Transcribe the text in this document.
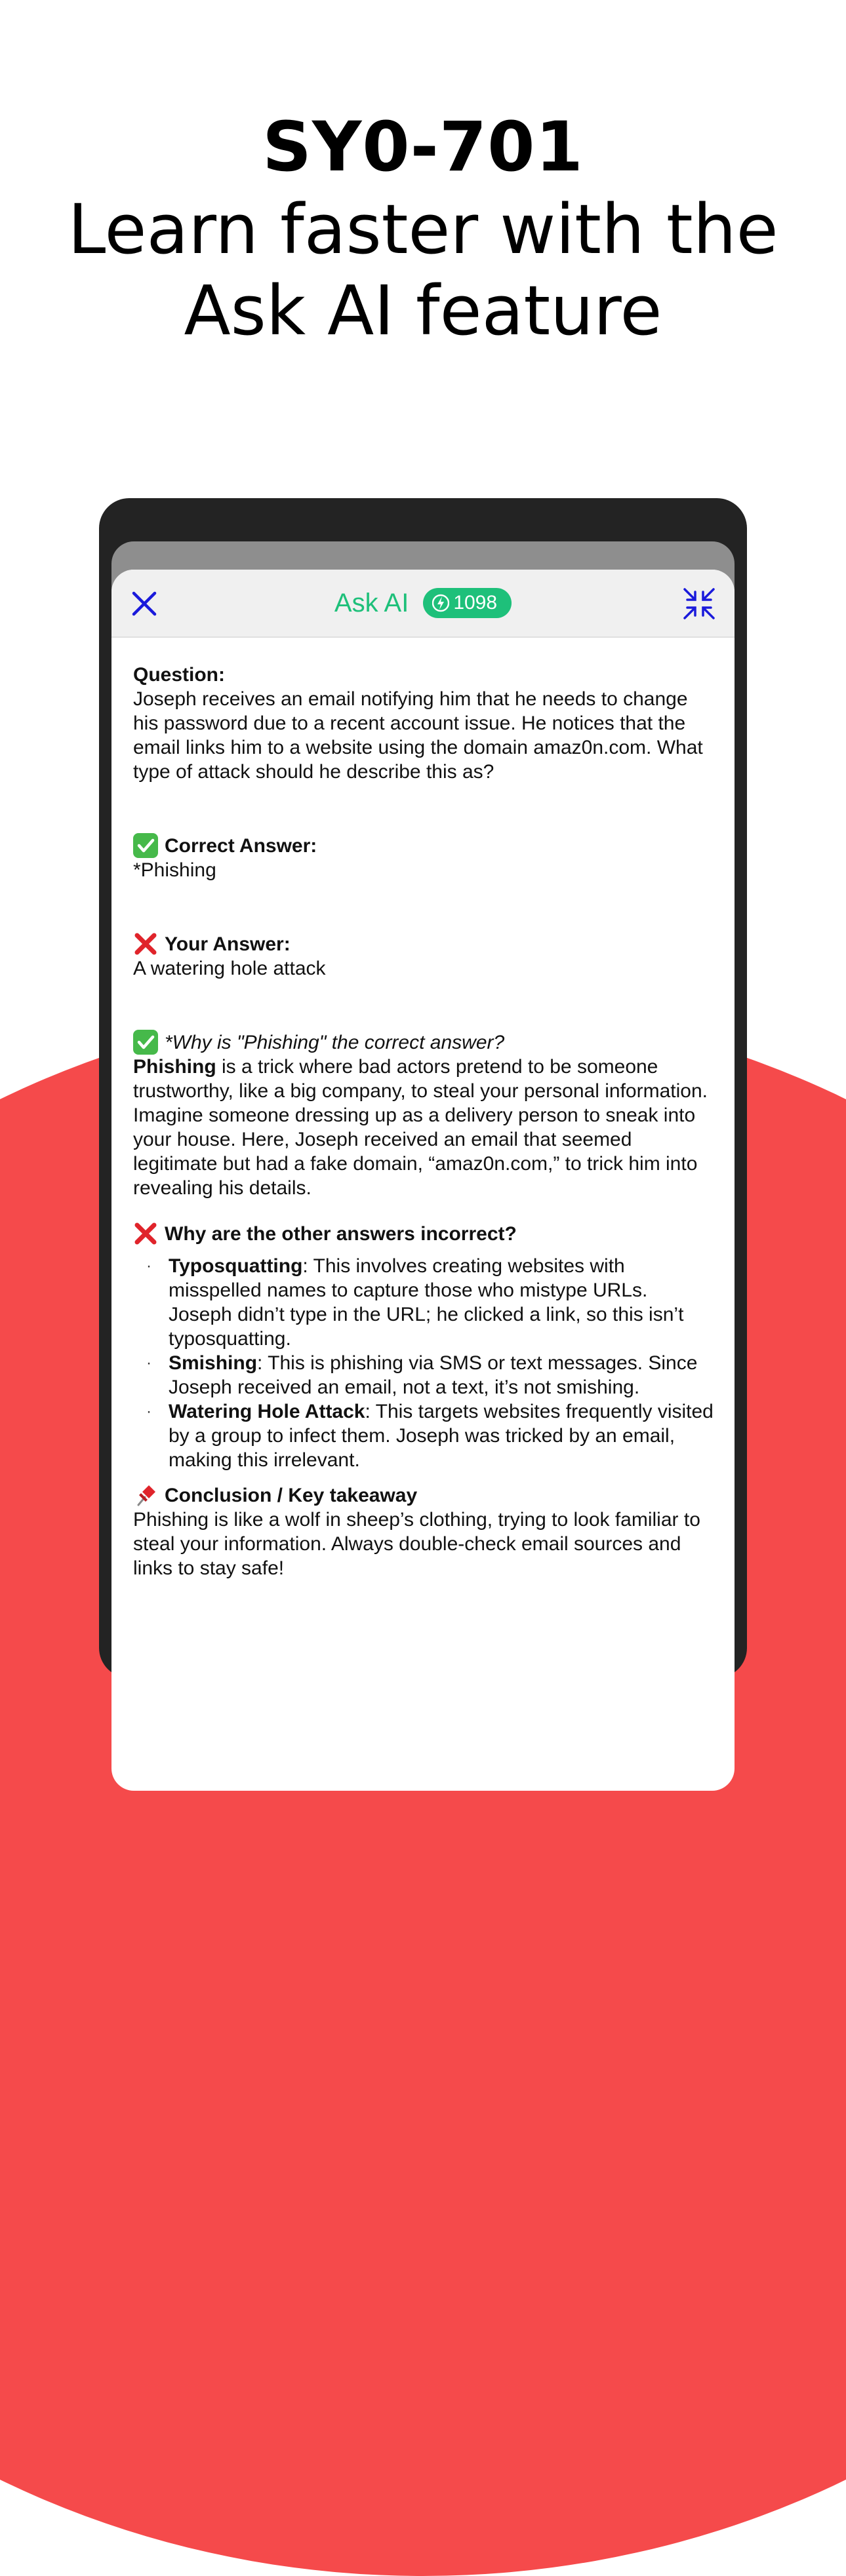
SY0-701
Learn faster with the
Ask AI feature
Ask AI 1098
Question:
Joseph receives an email notifying him that he needs to change his password due to a recent account issue. He notices that the email links him to a website using the domain amaz0n.com. What type of attack should he describe this as?
Correct Answer:
*Phishing
Your Answer:
A watering hole attack
*Why is "Phishing" the correct answer?
Phishing is a trick where bad actors pretend to be someone trustworthy, like a big company, to steal your personal information. Imagine someone dressing up as a delivery person to sneak into your house. Here, Joseph received an email that seemed legitimate but had a fake domain, “amaz0n.com,” to trick him into revealing his details.
Why are the other answers incorrect?
· Typosquatting: This involves creating websites with misspelled names to capture those who mistype URLs. Joseph didn’t type in the URL; he clicked a link, so this isn’t typosquatting.
· Smishing: This is phishing via SMS or text messages. Since Joseph received an email, not a text, it’s not smishing.
· Watering Hole Attack: This targets websites frequently visited by a group to infect them. Joseph was tricked by an email, making this irrelevant.
Conclusion / Key takeaway
Phishing is like a wolf in sheep’s clothing, trying to look familiar to steal your information. Always double-check email sources and links to stay safe!
